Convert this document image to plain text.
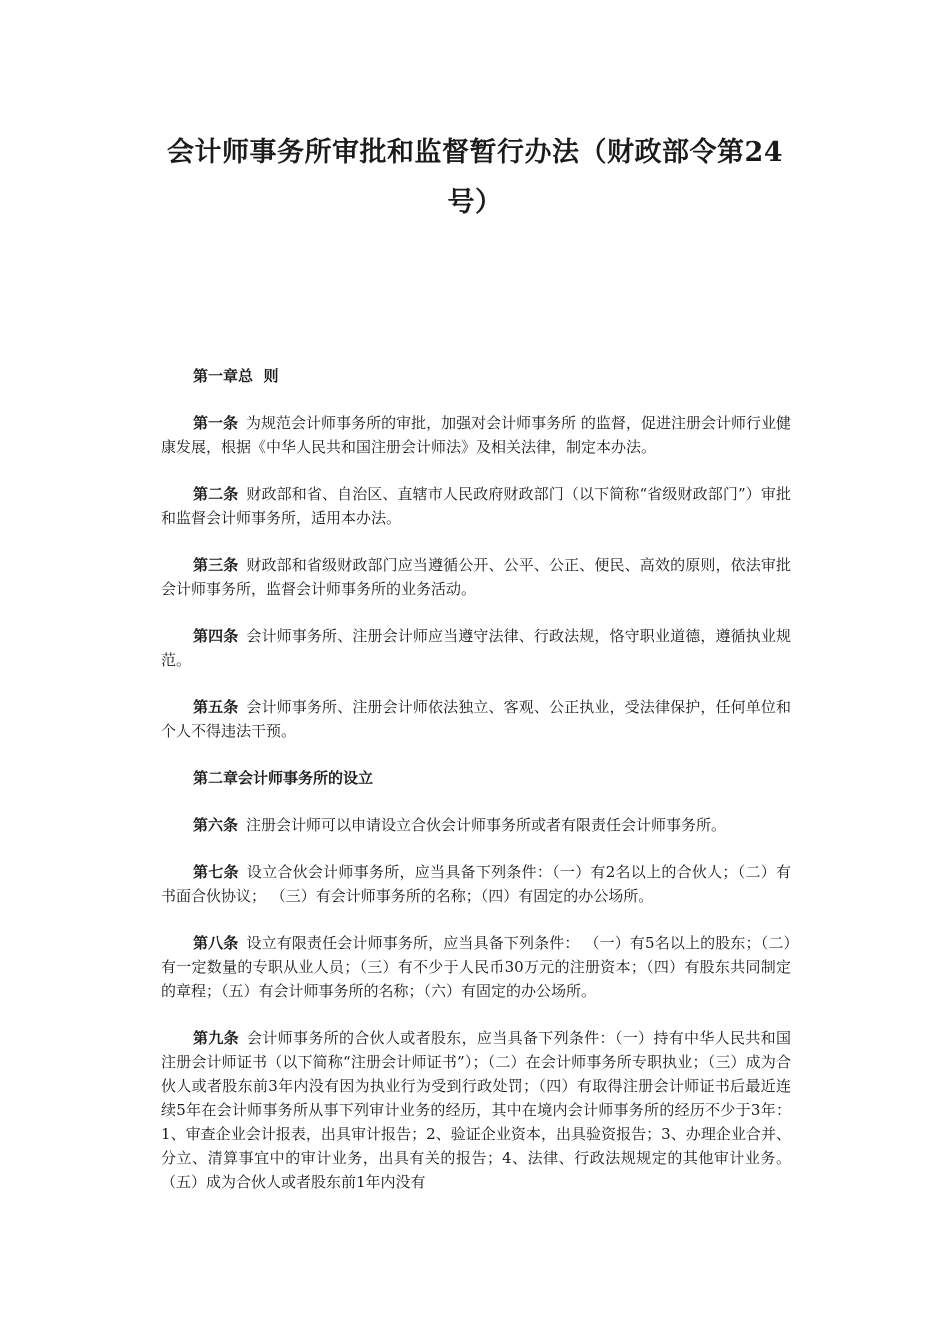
会计师事务所审批和监督暂行办法（财政部令第24号）

第一章总  则

第一条 为规范会计师事务所的审批，加强对会计师事务所 的监督，促进注册会计师行业健康发展，根据《中华人民共和国注册会计师法》及相关法律，制定本办法。

第二条 财政部和省、自治区、直辖市人民政府财政部门（以下简称“省级财政部门”）审批和监督会计师事务所，适用本办法。

第三条 财政部和省级财政部门应当遵循公开、公平、公正、便民、高效的原则，依法审批会计师事务所，监督会计师事务所的业务活动。

第四条 会计师事务所、注册会计师应当遵守法律、行政法规，恪守职业道德，遵循执业规范。

第五条 会计师事务所、注册会计师依法独立、客观、公正执业，受法律保护，任何单位和个人不得违法干预。

第二章会计师事务所的设立

第六条 注册会计师可以申请设立合伙会计师事务所或者有限责任会计师事务所。

第七条 设立合伙会计师事务所，应当具备下列条件：（一）有2名以上的合伙人；（二）有书面合伙协议； （三）有会计师事务所的名称；（四）有固定的办公场所。

第八条 设立有限责任会计师事务所，应当具备下列条件： （一）有5名以上的股东；（二）有一定数量的专职从业人员；（三）有不少于人民币30万元的注册资本；（四）有股东共同制定的章程；（五）有会计师事务所的名称；（六）有固定的办公场所。

第九条 会计师事务所的合伙人或者股东，应当具备下列条件：（一）持有中华人民共和国注册会计师证书（以下简称“注册会计师证书”）；（二）在会计师事务所专职执业；（三）成为合伙人或者股东前3年内没有因为执业行为受到行政处罚；（四）有取得注册会计师证书后最近连续5年在会计师事务所从事下列审计业务的经历，其中在境内会计师事务所的经历不少于3年：1、审查企业会计报表，出具审计报告；2、验证企业资本，出具验资报告；3、办理企业合并、分立、清算事宜中的审计业务，出具有关的报告；4、法律、行政法规规定的其他审计业务。（五）成为合伙人或者股东前1年内没有
